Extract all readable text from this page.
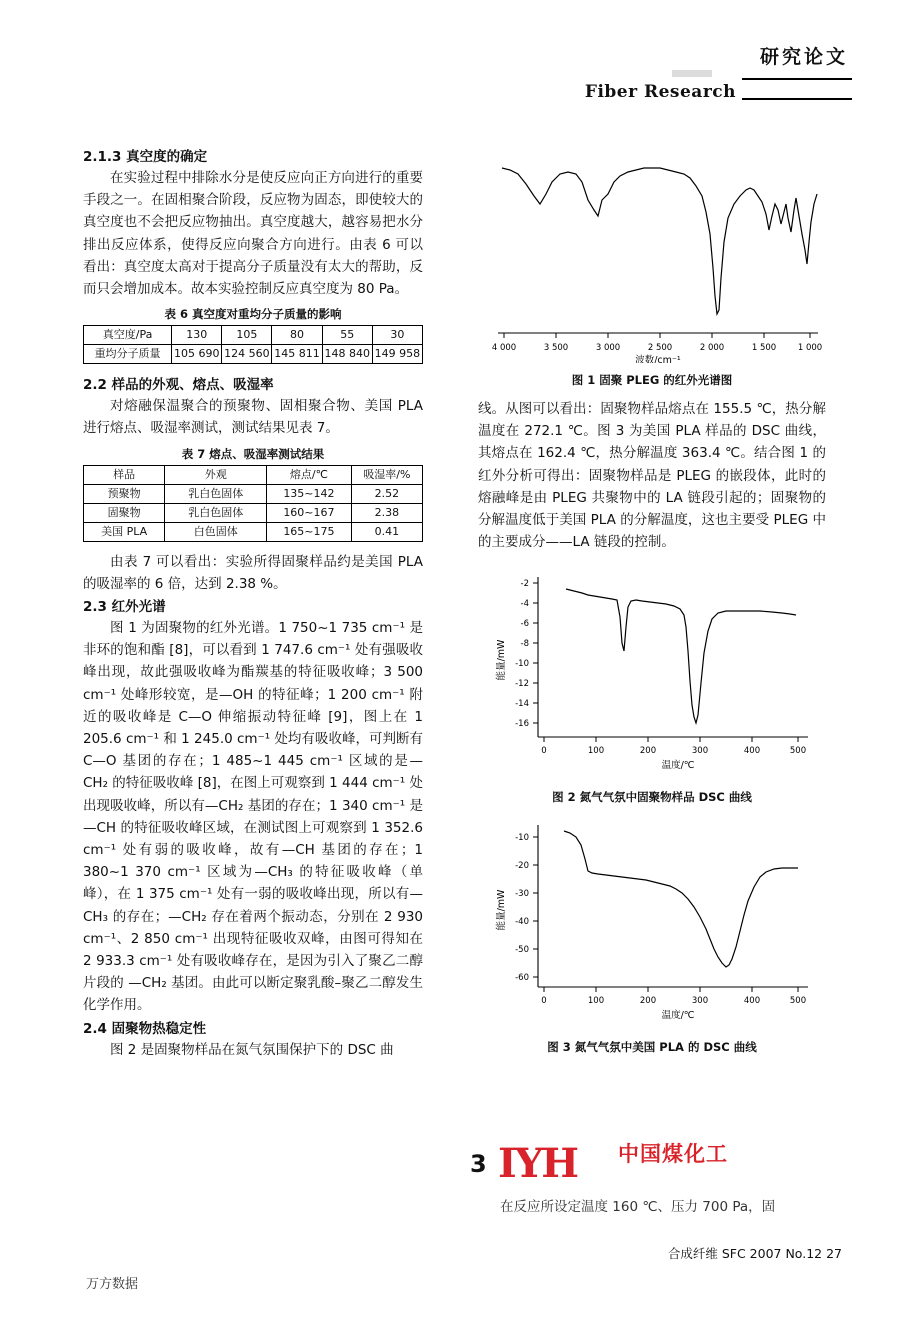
研究论文
Fiber Research
2.1.3 真空度的确定

在实验过程中排除水分是使反应向正方向进行的重要手段之一。在固相聚合阶段，反应物为固态，即使较大的真空度也不会把反应物抽出。真空度越大，越容易把水分排出反应体系，使得反应向聚合方向进行。由表 6 可以看出：真空度太高对于提高分子质量没有太大的帮助，反而只会增加成本。故本实验控制反应真空度为 80 Pa。

表 6 真空度对重均分子质量的影响
真空度/Pa	130	105	80	55	30
重均分子质量	105 690	124 560	145 811	148 840	149 958
2.2 样品的外观、熔点、吸湿率

对熔融保温聚合的预聚物、固相聚合物、美国 PLA 进行熔点、吸湿率测试，测试结果见表 7。

表 7 熔点、吸湿率测试结果
样品	外观	熔点/℃	吸湿率/%
预聚物	乳白色固体	135~142	2.52
固聚物	乳白色固体	160~167	2.38
美国 PLA	白色固体	165~175	0.41

由表 7 可以看出：实验所得固聚样品约是美国 PLA 的吸湿率的 6 倍，达到 2.38 %。

2.3 红外光谱

图 1 为固聚物的红外光谱。1 750~1 735 cm⁻¹ 是非环的饱和酯 [8]，可以看到 1 747.6 cm⁻¹ 处有强吸收峰出现，故此强吸收峰为酯羰基的特征吸收峰；3 500 cm⁻¹ 处峰形较宽，是—OH 的特征峰；1 200 cm⁻¹ 附近的吸收峰是 C—O 伸缩振动特征峰 [9]，图上在 1 205.6 cm⁻¹ 和 1 245.0 cm⁻¹ 处均有吸收峰，可判断有 C—O 基团的存在；1 485~1 445 cm⁻¹ 区域的是—CH₂ 的特征吸收峰 [8]，在图上可观察到 1 444 cm⁻¹ 处出现吸收峰，所以有—CH₂ 基团的存在；1 340 cm⁻¹ 是—CH 的特征吸收峰区域，在测试图上可观察到 1 352.6 cm⁻¹ 处有弱的吸收峰，故有—CH 基团的存在；1 380~1 370 cm⁻¹ 区域为—CH₃ 的特征吸收峰（单峰），在 1 375 cm⁻¹ 处有一弱的吸收峰出现，所以有—CH₃ 的存在；—CH₂ 存在着两个振动态，分别在 2 930 cm⁻¹、2 850 cm⁻¹ 出现特征吸收双峰，由图可得知在 2 933.3 cm⁻¹ 处有吸收峰存在，是因为引入了聚乙二醇片段的 —CH₂ 基团。由此可以断定聚乳酸–聚乙二醇发生化学作用。

2.4 固聚物热稳定性

图 2 是固聚物样品在氮气氛围保护下的 DSC 曲

4 000	3 500	3 000	2 500	2 000	1 500	1 000
波数/cm⁻¹
图 1 固聚 PLEG 的红外光谱图

线。从图可以看出：固聚物样品熔点在 155.5 ℃，热分解温度在 272.1 ℃。图 3 为美国 PLA 样品的 DSC 曲线，其熔点在 162.4 ℃，热分解温度 363.4 ℃。结合图 1 的红外分析可得出：固聚物样品是 PLEG 的嵌段体，此时的熔融峰是由 PLEG 共聚物中的 LA 链段引起的；固聚物的分解温度低于美国 PLA 的分解温度，这也主要受 PLEG 中的主要成分——LA 链段的控制。

-2
-4
-6
-8
-10
-12
-14
-16
0	100	200	300	400	500
温度/℃
能量/mW
图 2 氮气气氛中固聚物样品 DSC 曲线
-10
-20
-30
-40
-50
-60
0	100	200	300	400	500
温度/℃
能量/mW
图 3 氮气气氛中美国 PLA 的 DSC 曲线
3 IYH 中国煤化工
在反应所设定温度 160 ℃、压力 700 Pa，固
合成纤维 SFC 2007 No.12 27
万方数据
